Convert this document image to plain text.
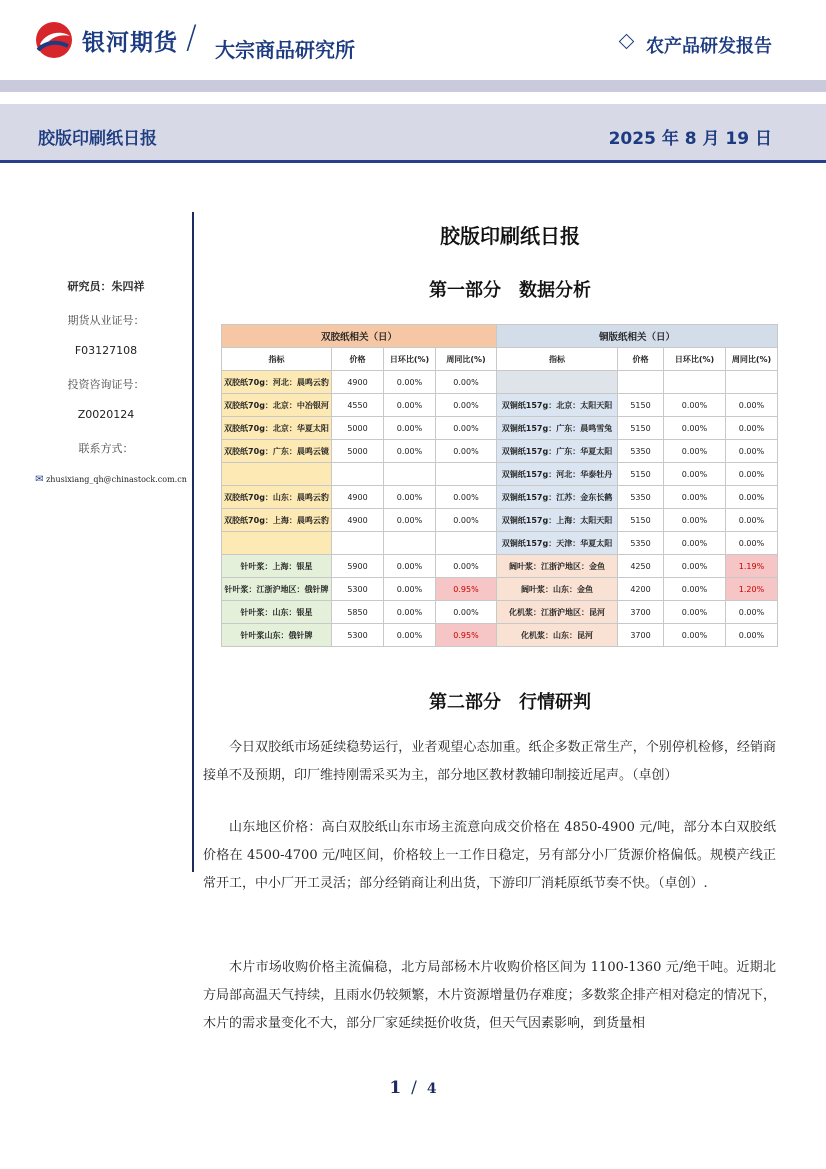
银河期货 / 大宗商品研究所	农产品研发报告
胶版印刷纸日报	2025 年 8 月 19 日
研究员：朱四祥
期货从业证号：
F03127108
投资咨询证号：
Z0020124
联系方式：
✉ zhusixiang_qh@chinastock.com.cn
胶版印刷纸日报
第一部分　数据分析
双胶纸相关（日）				铜版纸相关（日）			
指标	价格	日环比(%)	周同比(%)	指标	价格	日环比(%)	周同比(%)
双胶纸70g：河北：晨鸣云豹	4900	0.00%	0.00%				
双胶纸70g：北京：中冶银河	4550	0.00%	0.00%	双铜纸157g：北京：太阳天阳	5150	0.00%	0.00%
双胶纸70g：北京：华夏太阳	5000	0.00%	0.00%	双铜纸157g：广东：晨鸣雪兔	5150	0.00%	0.00%
双胶纸70g：广东：晨鸣云镜	5000	0.00%	0.00%	双铜纸157g：广东：华夏太阳	5350	0.00%	0.00%
				双铜纸157g：河北：华泰牡丹	5150	0.00%	0.00%
双胶纸70g：山东：晨鸣云豹	4900	0.00%	0.00%	双铜纸157g：江苏：金东长鹤	5350	0.00%	0.00%
双胶纸70g：上海：晨鸣云豹	4900	0.00%	0.00%	双铜纸157g：上海：太阳天阳	5150	0.00%	0.00%
				双铜纸157g：天津：华夏太阳	5350	0.00%	0.00%
针叶浆：上海：银星	5900	0.00%	0.00%	阔叶浆：江浙沪地区：金鱼	4250	0.00%	1.19%
针叶浆：江浙沪地区：俄针牌	5300	0.00%	0.95%	阔叶浆：山东：金鱼	4200	0.00%	1.20%
针叶浆：山东：银星	5850	0.00%	0.00%	化机浆：江浙沪地区：昆河	3700	0.00%	0.00%
针叶浆山东：俄针牌	5300	0.00%	0.95%	化机浆：山东：昆河	3700	0.00%	0.00%
第二部分　行情研判
今日双胶纸市场延续稳势运行，业者观望心态加重。纸企多数正常生产，个别停机检修，经销商接单不及预期，印厂维持刚需采买为主，部分地区教材教辅印制接近尾声。（卓创）
山东地区价格：高白双胶纸山东市场主流意向成交价格在 4850-4900 元/吨，部分本白双胶纸价格在 4500-4700 元/吨区间，价格较上一工作日稳定，另有部分小厂货源价格偏低。规模产线正常开工，中小厂开工灵活；部分经销商让利出货，下游印厂消耗原纸节奏不快。（卓创）.
木片市场收购价格主流偏稳，北方局部杨木片收购价格区间为 1100-1360 元/绝干吨。近期北方局部高温天气持续，且雨水仍较频繁，木片资源增量仍存难度；多数浆企排产相对稳定的情况下，木片的需求量变化不大，部分厂家延续挺价收货，但天气因素影响，到货量相
1 / 4
